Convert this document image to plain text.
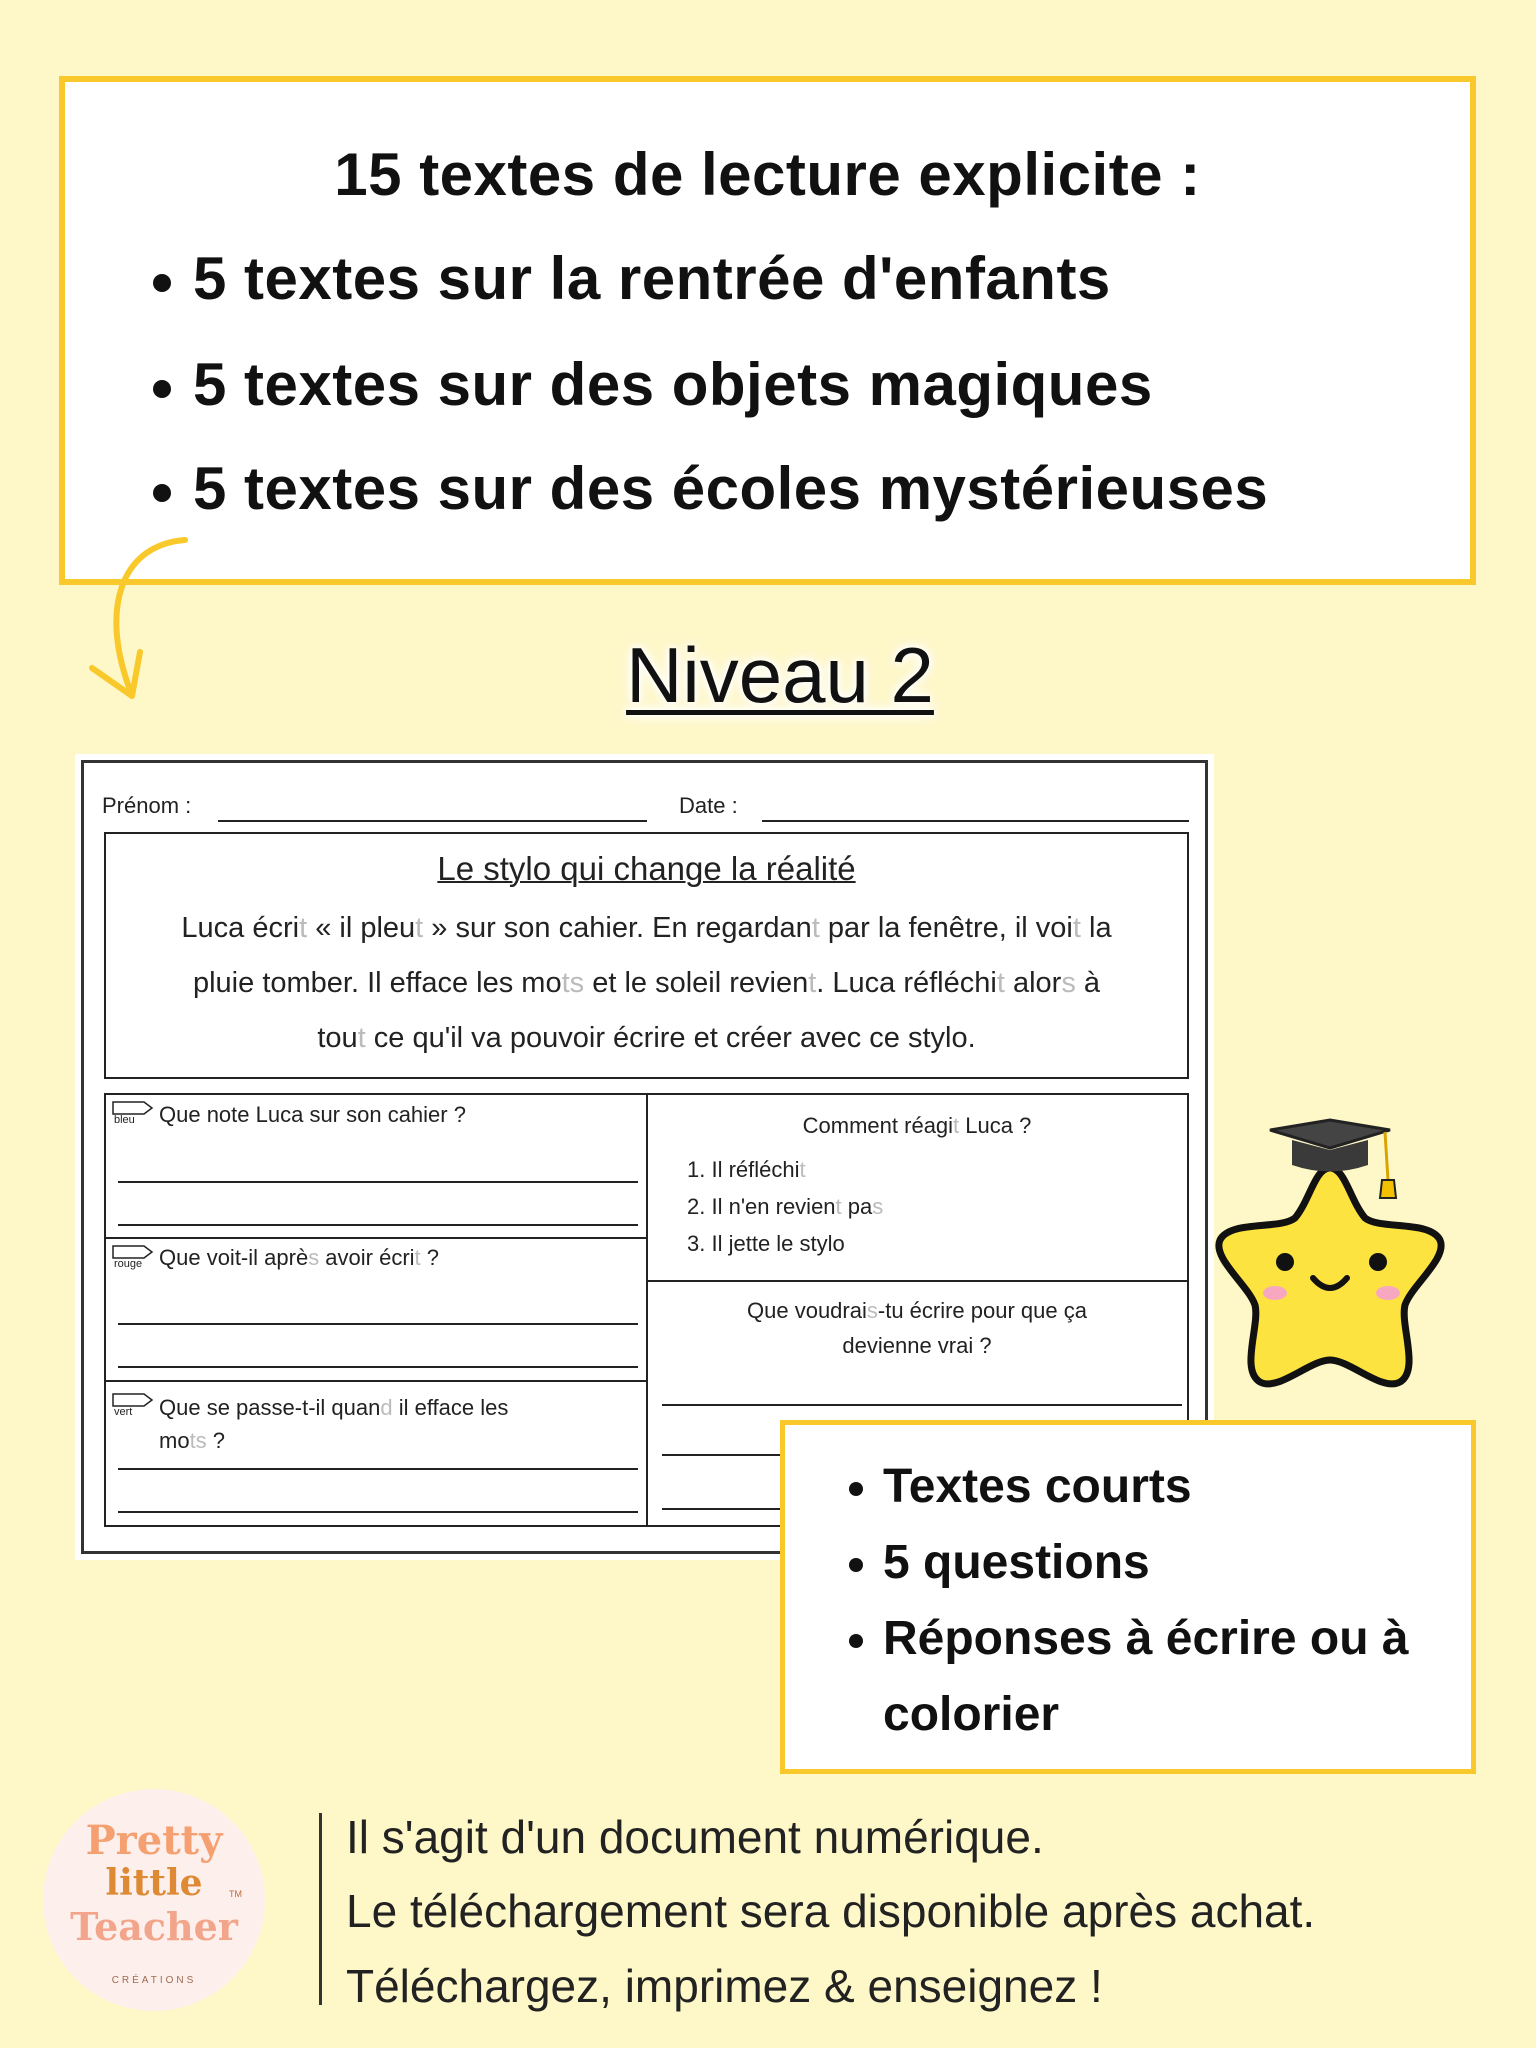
15 textes de lecture explicite :
5 textes sur la rentrée d'enfants
5 textes sur des objets magiques
5 textes sur des écoles mystérieuses
Niveau 2
Prénom :	Date :
Le stylo qui change la réalité
Luca écrit « il pleut » sur son cahier. En regardant par la fenêtre, il voit la
pluie tomber. Il efface les mots et le soleil revient. Luca réfléchit alors à
tout ce qu'il va pouvoir écrire et créer avec ce stylo.
bleu Que note Luca sur son cahier ?
rouge Que voit-il après avoir écrit ?
vert Que se passe-t-il quand il efface les
mots ?
Comment réagit Luca ?
1. Il réfléchit
2. Il n'en revient pas
3. Il jette le stylo
Que voudrais-tu écrire pour que ça
devienne vrai ?
Textes courts
5 questions
Réponses à écrire ou à
colorier
Pretty
little
Teacher
TM
CRÉATIONS
Il s'agit d'un document numérique.
Le téléchargement sera disponible après achat.
Téléchargez, imprimez & enseignez !
